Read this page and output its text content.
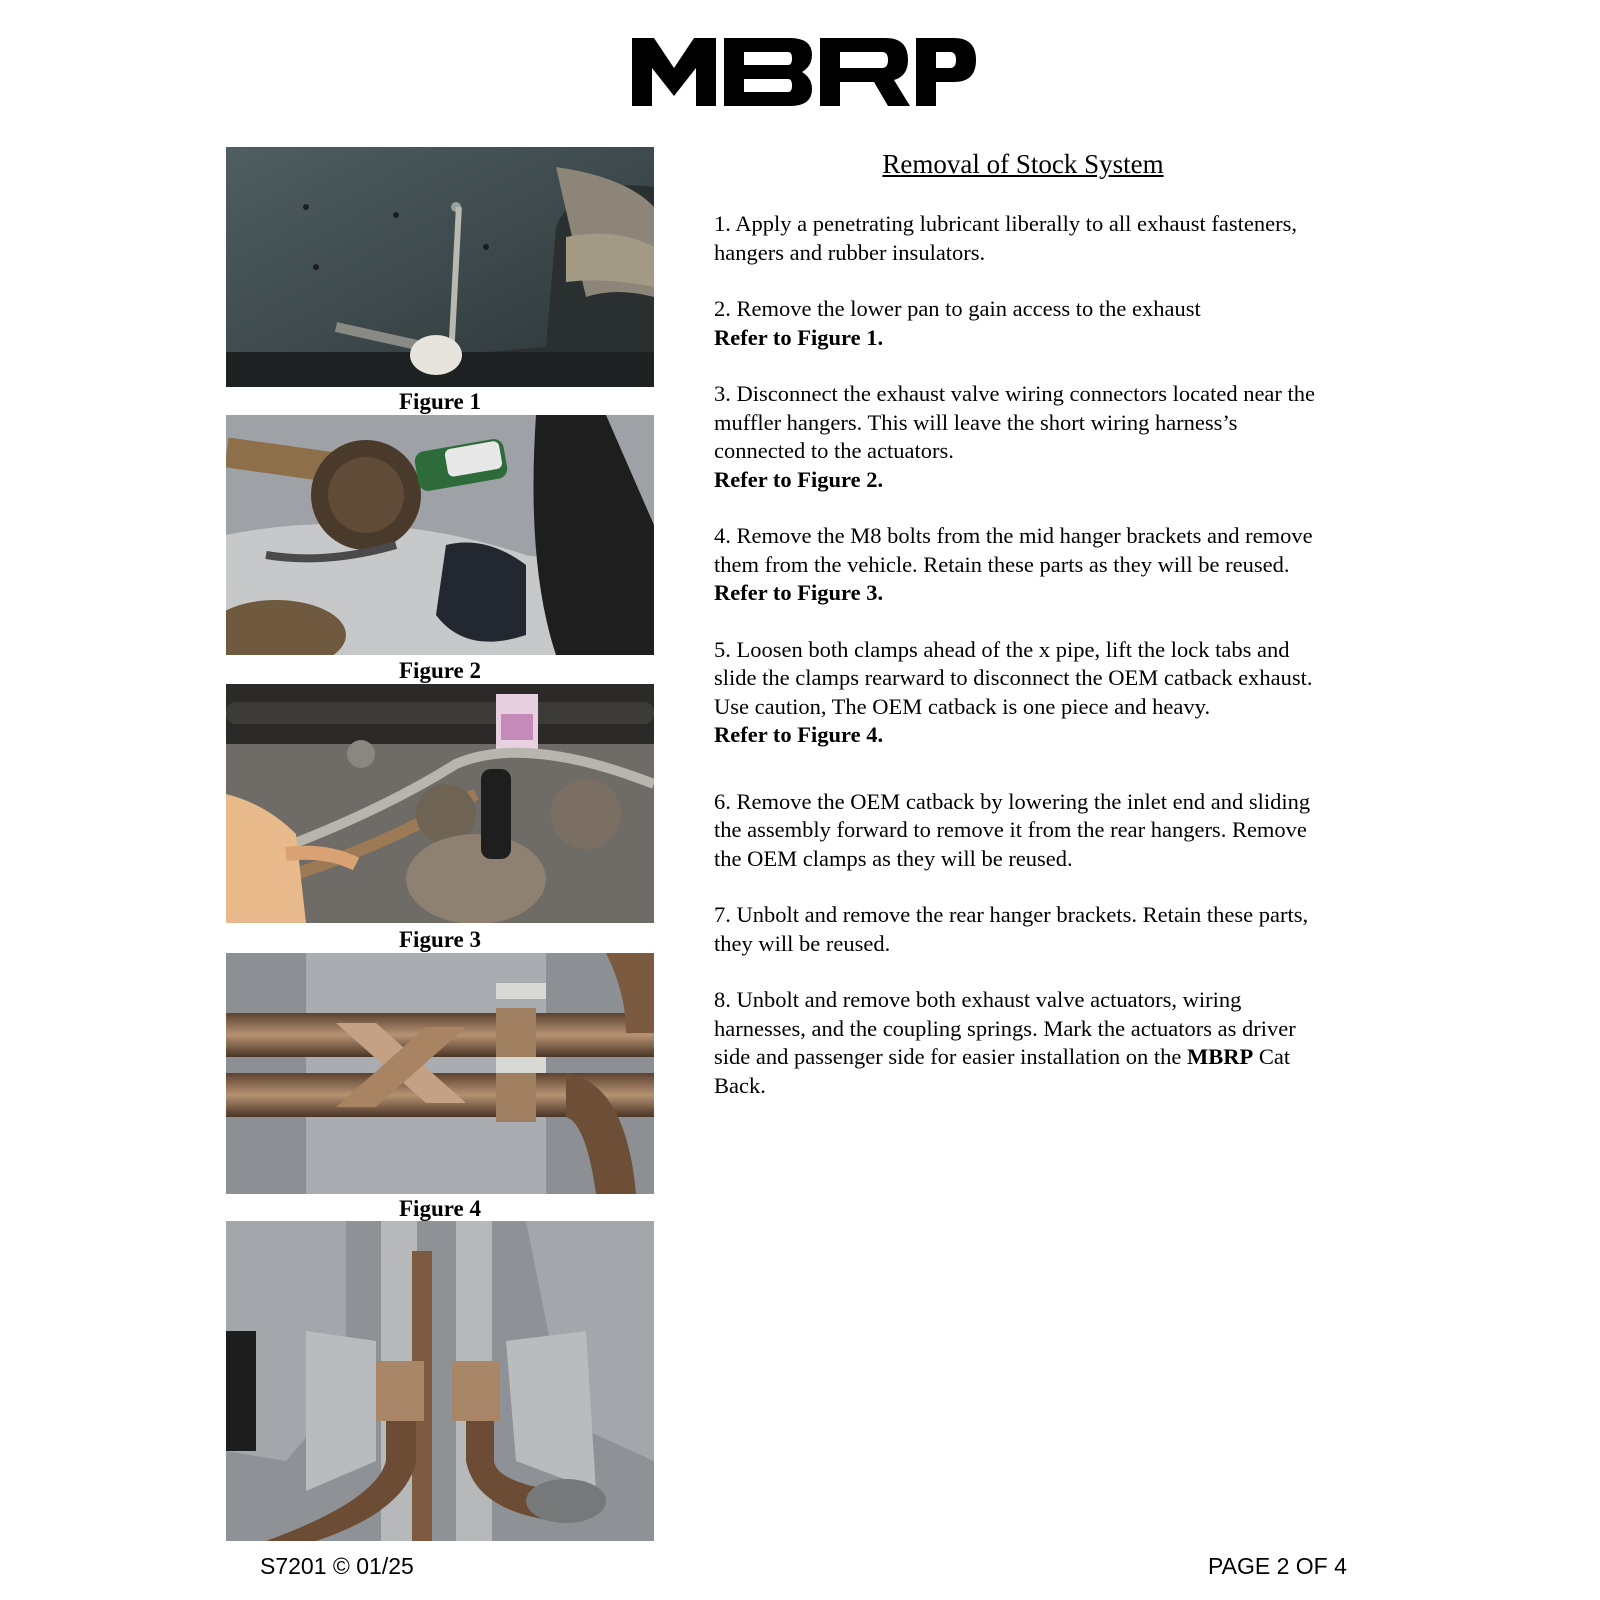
Figure 1
Figure 2
Figure 3
Figure 4
Removal of Stock System
1. Apply a penetrating lubricant liberally to all exhaust fasteners, hangers and rubber insulators.
2. Remove the lower pan to gain access to the exhaust
Refer to Figure 1.
3. Disconnect the exhaust valve wiring connectors located near the muffler hangers. This will leave the short wiring harness’s connected to the actuators.
Refer to Figure 2.
4. Remove the M8 bolts from the mid hanger brackets and remove them from the vehicle. Retain these parts as they will be reused.
Refer to Figure 3.
5. Loosen both clamps ahead of the x pipe, lift the lock tabs and slide the clamps rearward to disconnect the OEM catback exhaust. Use caution, The OEM catback is one piece and heavy.
Refer to Figure 4.
6. Remove the OEM catback by lowering the inlet end and sliding the assembly forward to remove it from the rear hangers. Remove the OEM clamps as they will be reused.
7. Unbolt and remove the rear hanger brackets. Retain these parts, they will be reused.
8. Unbolt and remove both exhaust valve actuators, wiring harnesses, and the coupling springs. Mark the actuators as driver side and passenger side for easier installation on the MBRP Cat Back.
S7201 © 01/25	PAGE 2 OF 4
